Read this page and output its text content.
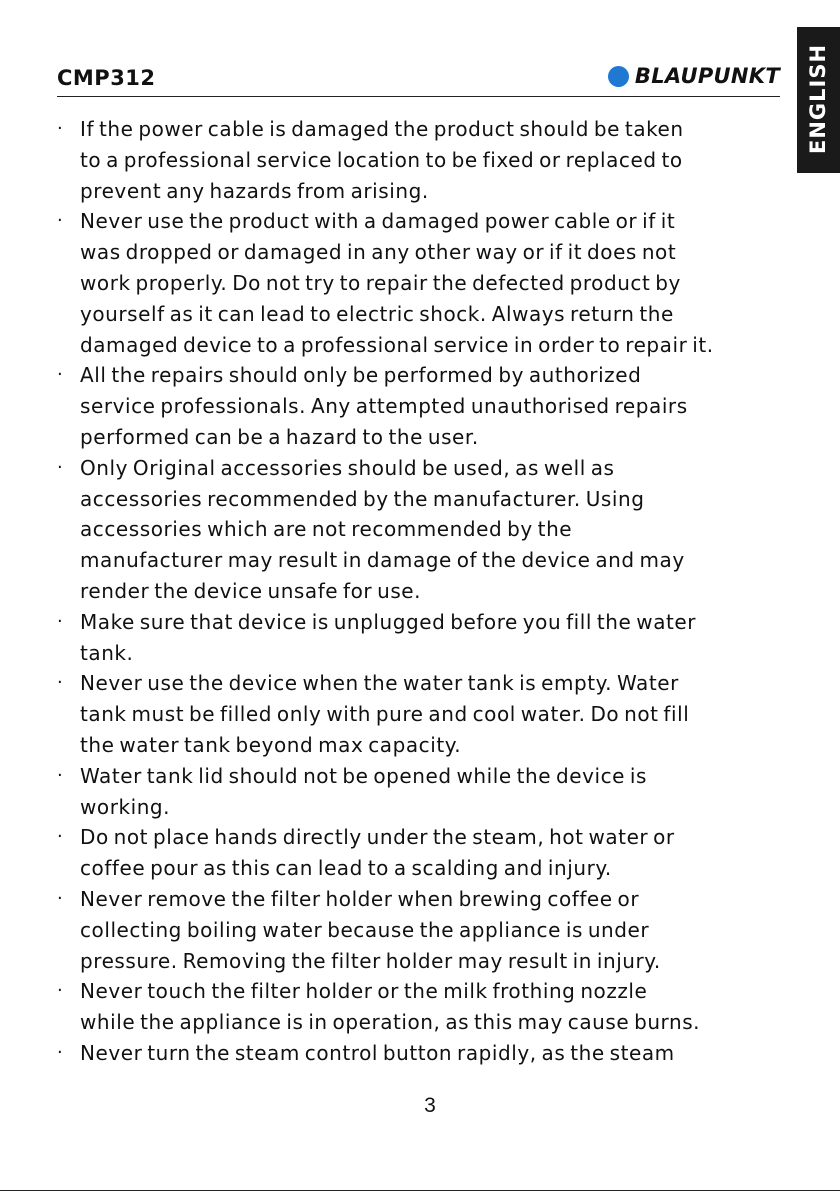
ENGLISH
CMP312	BLAUPUNKT
· If the power cable is damaged the product should be taken
to a professional service location to be fixed or replaced to
prevent any hazards from arising.
· Never use the product with a damaged power cable or if it
was dropped or damaged in any other way or if it does not
work properly. Do not try to repair the defected product by
yourself as it can lead to electric shock. Always return the
damaged device to a professional service in order to repair it.
· All the repairs should only be performed by authorized
service professionals. Any attempted unauthorised repairs
performed can be a hazard to the user.
· Only Original accessories should be used, as well as
accessories recommended by the manufacturer. Using
accessories which are not recommended by the
manufacturer may result in damage of the device and may
render the device unsafe for use.
· Make sure that device is unplugged before you fill the water
tank.
· Never use the device when the water tank is empty. Water
tank must be filled only with pure and cool water. Do not fill
the water tank beyond max capacity.
· Water tank lid should not be opened while the device is
working.
· Do not place hands directly under the steam, hot water or
coffee pour as this can lead to a scalding and injury.
· Never remove the filter holder when brewing coffee or
collecting boiling water because the appliance is under
pressure. Removing the filter holder may result in injury.
· Never touch the filter holder or the milk frothing nozzle
while the appliance is in operation, as this may cause burns.
· Never turn the steam control button rapidly, as the steam
3
